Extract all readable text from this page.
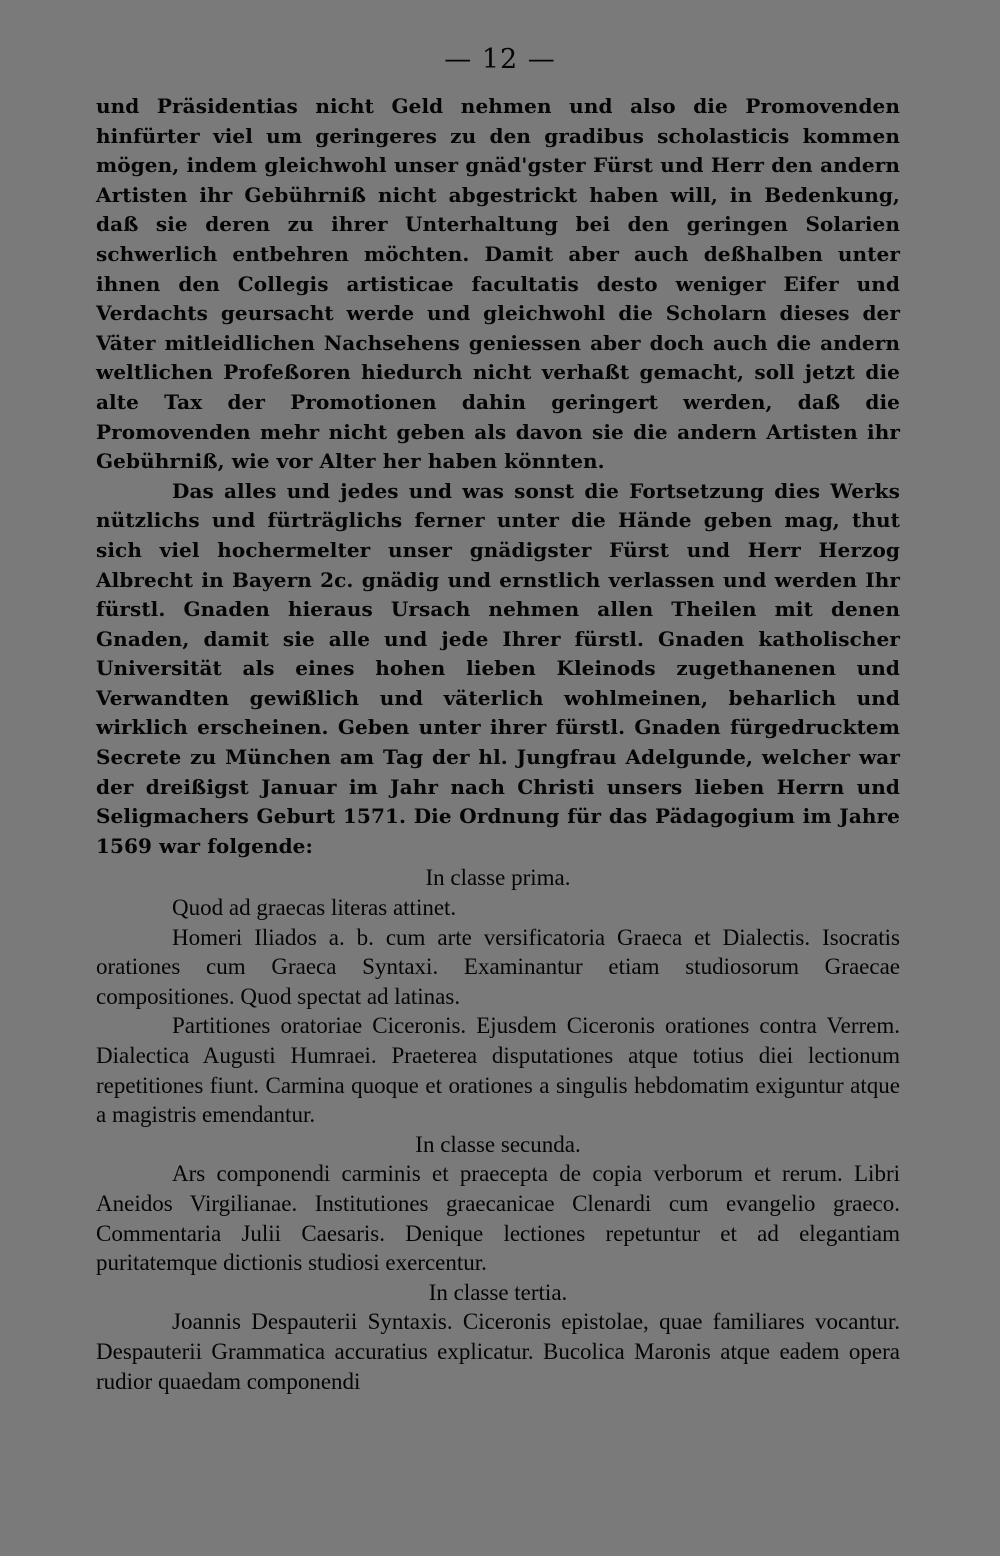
— 12 —

und Präsidentias nicht Geld nehmen und also die Promovenden hinfürter viel um geringeres zu den gradibus scholasticis kommen mögen, indem gleichwohl unser gnäd'gster Fürst und Herr den andern Artisten ihr Gebührniß nicht abgestrickt haben will, in Bedenkung, daß sie deren zu ihrer Unterhaltung bei den geringen Solarien schwerlich entbehren möchten. Damit aber auch deßhalben unter ihnen den Collegis artisticae facultatis desto weniger Eifer und Verdachts geursacht werde und gleichwohl die Scholarn dieses der Väter mitleidlichen Nachsehens geniessen aber doch auch die andern weltlichen Profeßoren hiedurch nicht verhaßt gemacht, soll jetzt die alte Tax der Promotionen dahin geringert werden, daß die Promovenden mehr nicht geben als davon sie die andern Artisten ihr Gebührniß, wie vor Alter her haben könnten.

Das alles und jedes und was sonst die Fortsetzung dies Werks nützlichs und fürträglichs ferner unter die Hände geben mag, thut sich viel hochermelter unser gnädigster Fürst und Herr Herzog Albrecht in Bayern 2c. gnädig und ernstlich verlassen und werden Ihr fürstl. Gnaden hieraus Ursach nehmen allen Theilen mit denen Gnaden, damit sie alle und jede Ihrer fürstl. Gnaden katholischer Universität als eines hohen lieben Kleinods zugethanenen und Verwandten gewißlich und väterlich wohlmeinen, beharlich und wirklich erscheinen. Geben unter ihrer fürstl. Gnaden fürgedrucktem Secrete zu München am Tag der hl. Jungfrau Adelgunde, welcher war der dreißigst Januar im Jahr nach Christi unsers lieben Herrn und Seligmachers Geburt 1571. Die Ordnung für das Pädagogium im Jahre 1569 war folgende:

In classe prima.

Quod ad graecas literas attinet.

Homeri Iliados a. b. cum arte versificatoria Graeca et Dialectis. Isocratis orationes cum Graeca Syntaxi. Examinantur etiam studiosorum Graecae compositiones. Quod spectat ad latinas.

Partitiones oratoriae Ciceronis. Ejusdem Ciceronis orationes contra Verrem. Dialectica Augusti Humraei. Praeterea disputationes atque totius diei lectionum repetitiones fiunt. Carmina quoque et orationes a singulis hebdomatim exiguntur atque a magistris emendantur.

In classe secunda.

Ars componendi carminis et praecepta de copia verborum et rerum. Libri Aneidos Virgilianae. Institutiones graecanicae Clenardi cum evangelio graeco. Commentaria Julii Caesaris. Denique lectiones repetuntur et ad elegantiam puritatemque dictionis studiosi exercentur.

In classe tertia.

Joannis Despauterii Syntaxis. Ciceronis epistolae, quae familiares vocantur. Despauterii Grammatica accuratius explicatur. Bucolica Maronis atque eadem opera rudior quaedam componendi
